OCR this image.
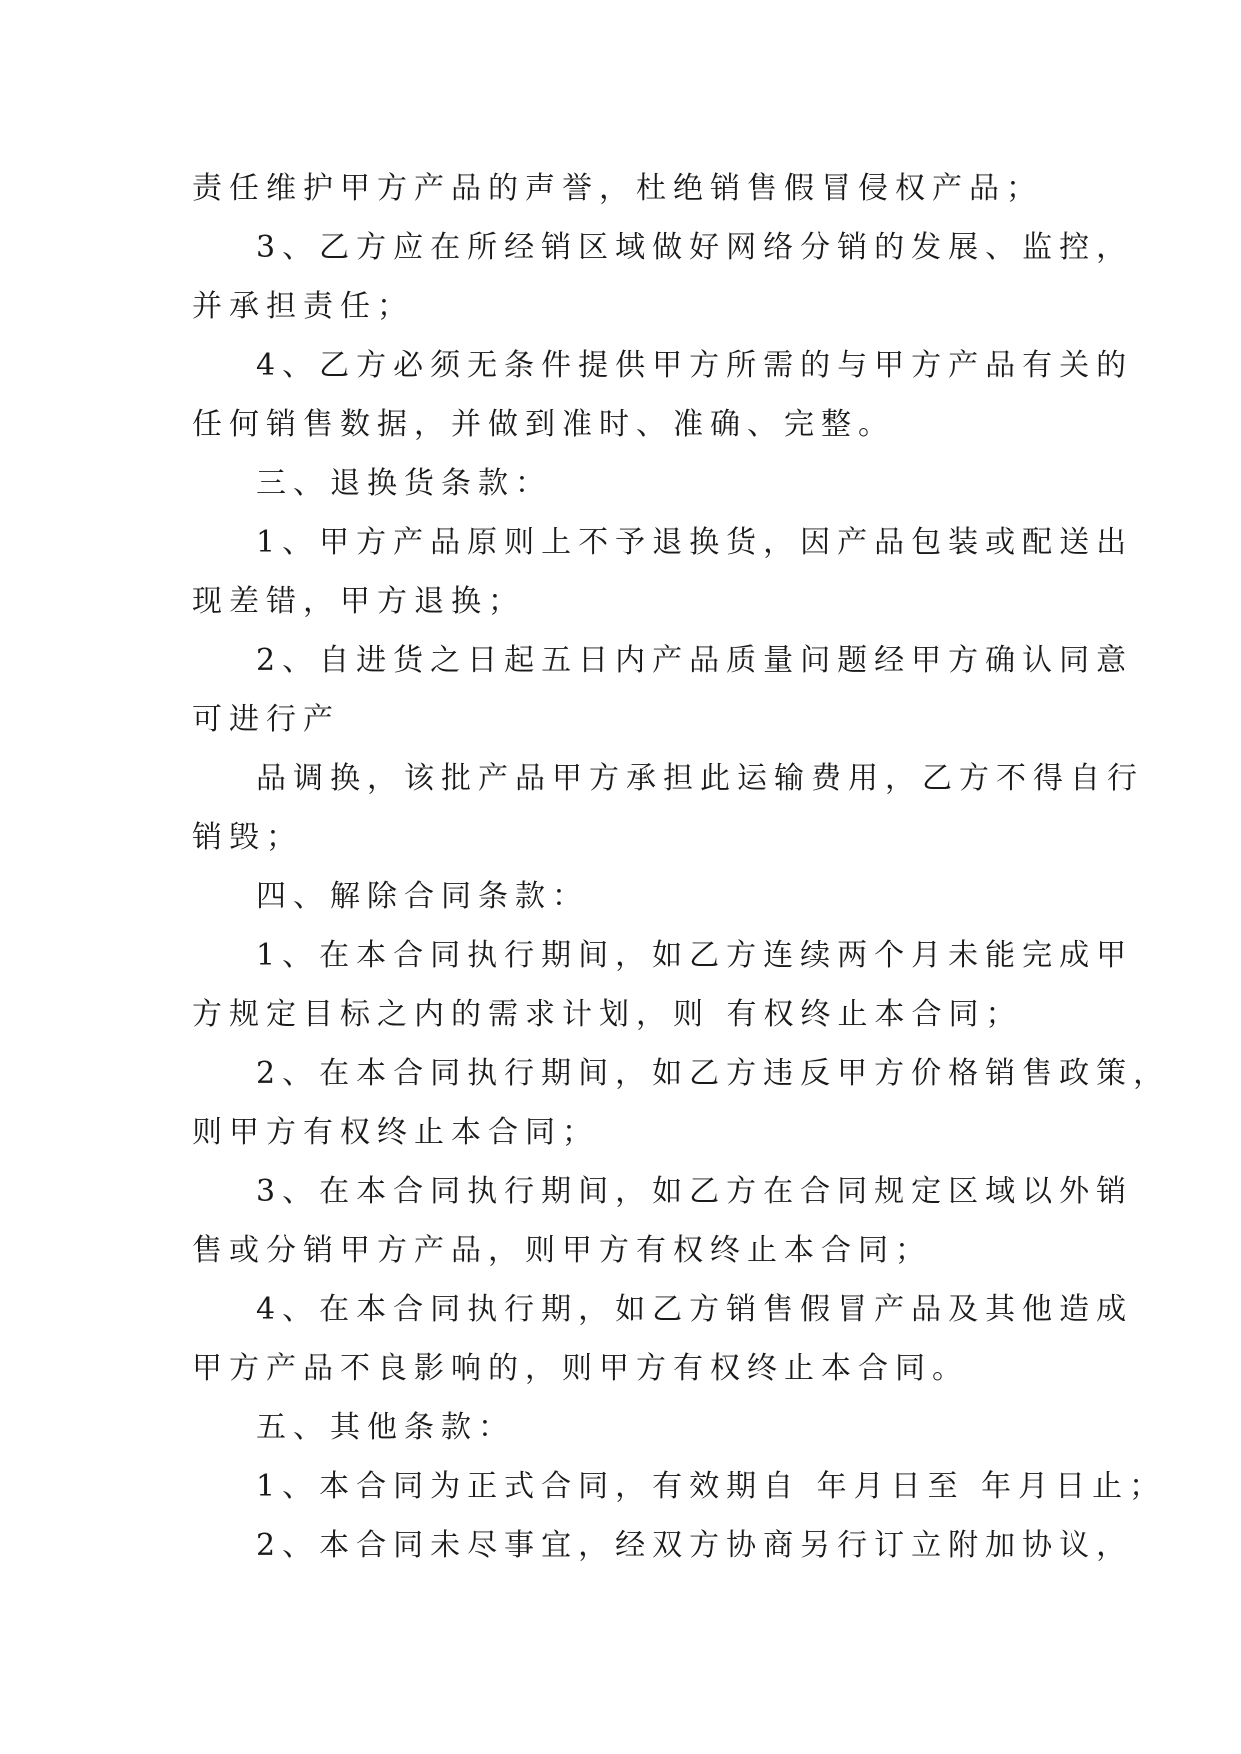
责任维护甲方产品的声誉，杜绝销售假冒侵权产品；
3、乙方应在所经销区域做好网络分销的发展、监控，
并承担责任；
4、乙方必须无条件提供甲方所需的与甲方产品有关的
任何销售数据，并做到准时、准确、完整。
三、退换货条款：
1、甲方产品原则上不予退换货，因产品包装或配送出
现差错，甲方退换；
2、自进货之日起五日内产品质量问题经甲方确认同意
可进行产
品调换，该批产品甲方承担此运输费用，乙方不得自行
销毁；
四、解除合同条款：
1、在本合同执行期间，如乙方连续两个月未能完成甲
方规定目标之内的需求计划，则 有权终止本合同；
2、在本合同执行期间，如乙方违反甲方价格销售政策，
则甲方有权终止本合同；
3、在本合同执行期间，如乙方在合同规定区域以外销
售或分销甲方产品，则甲方有权终止本合同；
4、在本合同执行期，如乙方销售假冒产品及其他造成
甲方产品不良影响的，则甲方有权终止本合同。
五、其他条款：
1、本合同为正式合同，有效期自 年月日至 年月日止；
2、本合同未尽事宜，经双方协商另行订立附加协议，
